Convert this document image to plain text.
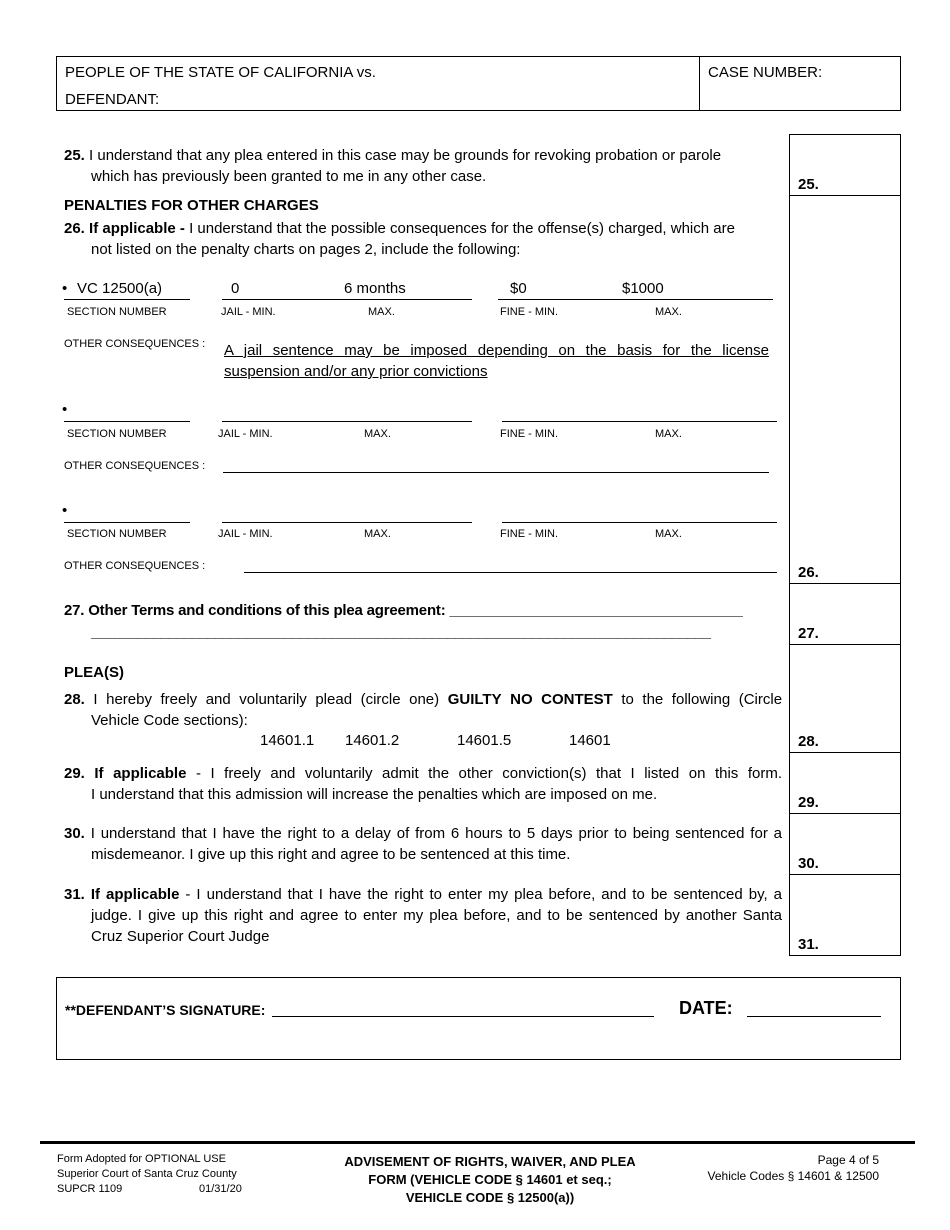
PEOPLE OF THE STATE OF CALIFORNIA vs.
DEFENDANT:
CASE NUMBER:
25.
26.
27.
28.
29.
30.
31.
25. I understand that any plea entered in this case may be grounds for revoking probation or parole
which has previously been granted to me in any other case.
PENALTIES FOR OTHER CHARGES
26. If applicable - I understand that the possible consequences for the offense(s) charged, which are
not listed on the penalty charts on pages 2, include the following:
• VC 12500(a)	0	6 months	$0	$1000
SECTION NUMBER	JAIL - MIN.	MAX.	FINE - MIN.	MAX.
OTHER CONSEQUENCES : A jail sentence may be imposed depending on the basis for the license
suspension and/or any prior convictions
•
SECTION NUMBER	JAIL - MIN.	MAX.	FINE - MIN.	MAX.
OTHER CONSEQUENCES :
•
SECTION NUMBER	JAIL - MIN.	MAX.	FINE - MIN.	MAX.
OTHER CONSEQUENCES :
27. Other Terms and conditions of this plea agreement: ____________________________________
________________________________________________________________________________
PLEA(S)
28. I hereby freely and voluntarily plead (circle one) GUILTY NO CONTEST to the following (Circle
Vehicle Code sections):
14601.1 14601.2	14601.5	14601
29. If applicable - I freely and voluntarily admit the other conviction(s) that I listed on this form.
I understand that this admission will increase the penalties which are imposed on me.
30. I understand that I have the right to a delay of from 6 hours to 5 days prior to being sentenced for a
misdemeanor. I give up this right and agree to be sentenced at this time.
31. If applicable - I understand that I have the right to enter my plea before, and to be sentenced by, a
judge. I give up this right and agree to enter my plea before, and to be sentenced by another Santa
Cruz Superior Court Judge
**DEFENDANT’S SIGNATURE:	DATE:
Form Adopted for OPTIONAL USE
Superior Court of Santa Cruz County
SUPCR 1109	01/31/20
ADVISEMENT OF RIGHTS, WAIVER, AND PLEA
FORM (VEHICLE CODE § 14601 et seq.;
VEHICLE CODE § 12500(a))
Page 4 of 5
Vehicle Codes § 14601 & 12500
